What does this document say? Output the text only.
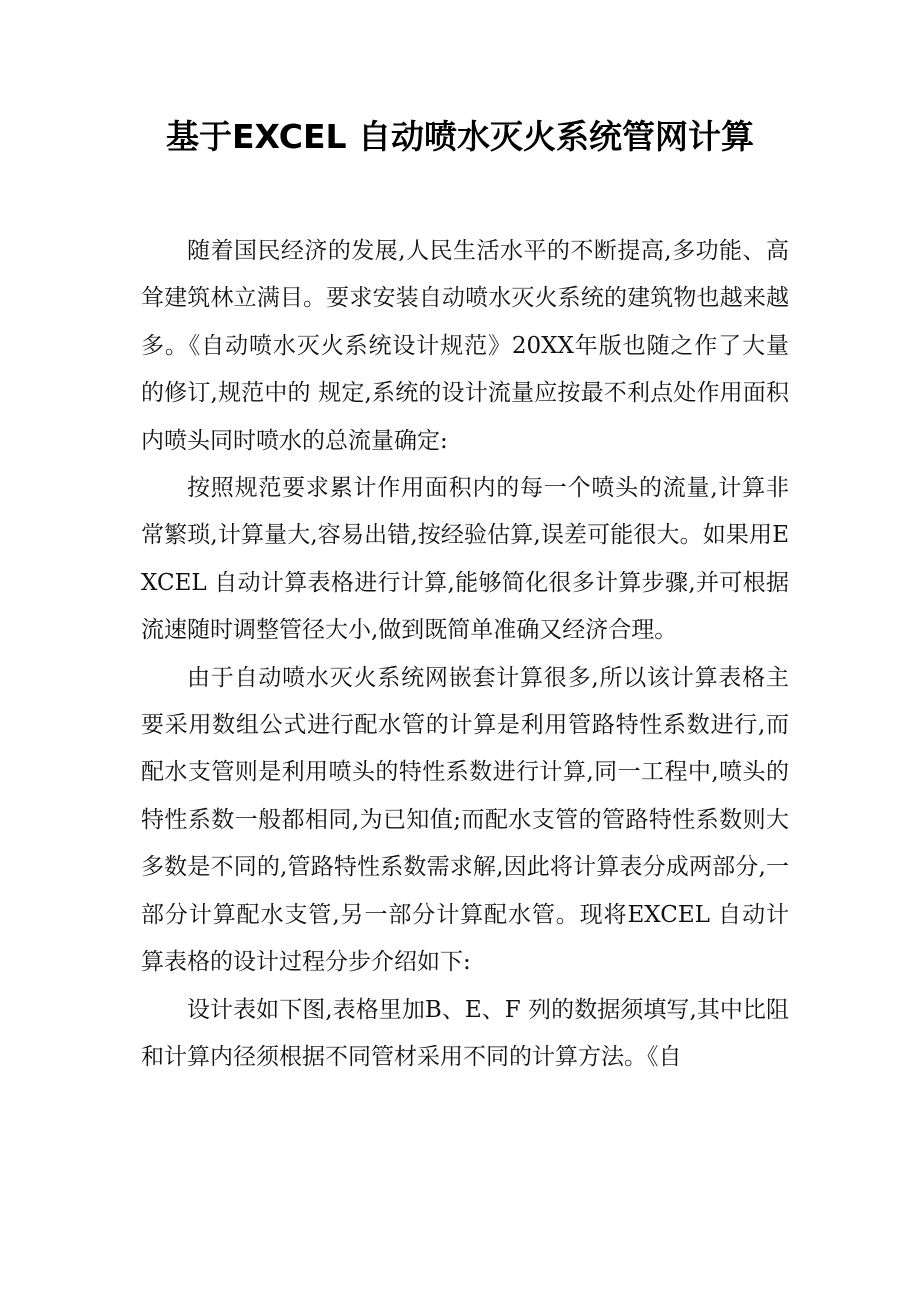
基于EXCEL 自动喷水灭火系统管网计算

随着国民经济的发展,人民生活水平的不断提高,多功能、高耸建筑林立满目。要求安装自动喷水灭火系统的建筑物也越来越多。《自动喷水灭火系统设计规范》20XX年版也随之作了大量的修订,规范中的 规定,系统的设计流量应按最不利点处作用面积内喷头同时喷水的总流量确定:

按照规范要求累计作用面积内的每一个喷头的流量,计算非常繁琐,计算量大,容易出错,按经验估算,误差可能很大。如果用EXCEL 自动计算表格进行计算,能够简化很多计算步骤,并可根据流速随时调整管径大小,做到既简单准确又经济合理。

由于自动喷水灭火系统网嵌套计算很多,所以该计算表格主要采用数组公式进行配水管的计算是利用管路特性系数进行,而配水支管则是利用喷头的特性系数进行计算,同一工程中,喷头的特性系数一般都相同,为已知值;而配水支管的管路特性系数则大多数是不同的,管路特性系数需求解,因此将计算表分成两部分,一部分计算配水支管,另一部分计算配水管。现将EXCEL 自动计算表格的设计过程分步介绍如下:

设计表如下图,表格里加B、E、F 列的数据须填写,其中比阻和计算内径须根据不同管材采用不同的计算方法。《自
